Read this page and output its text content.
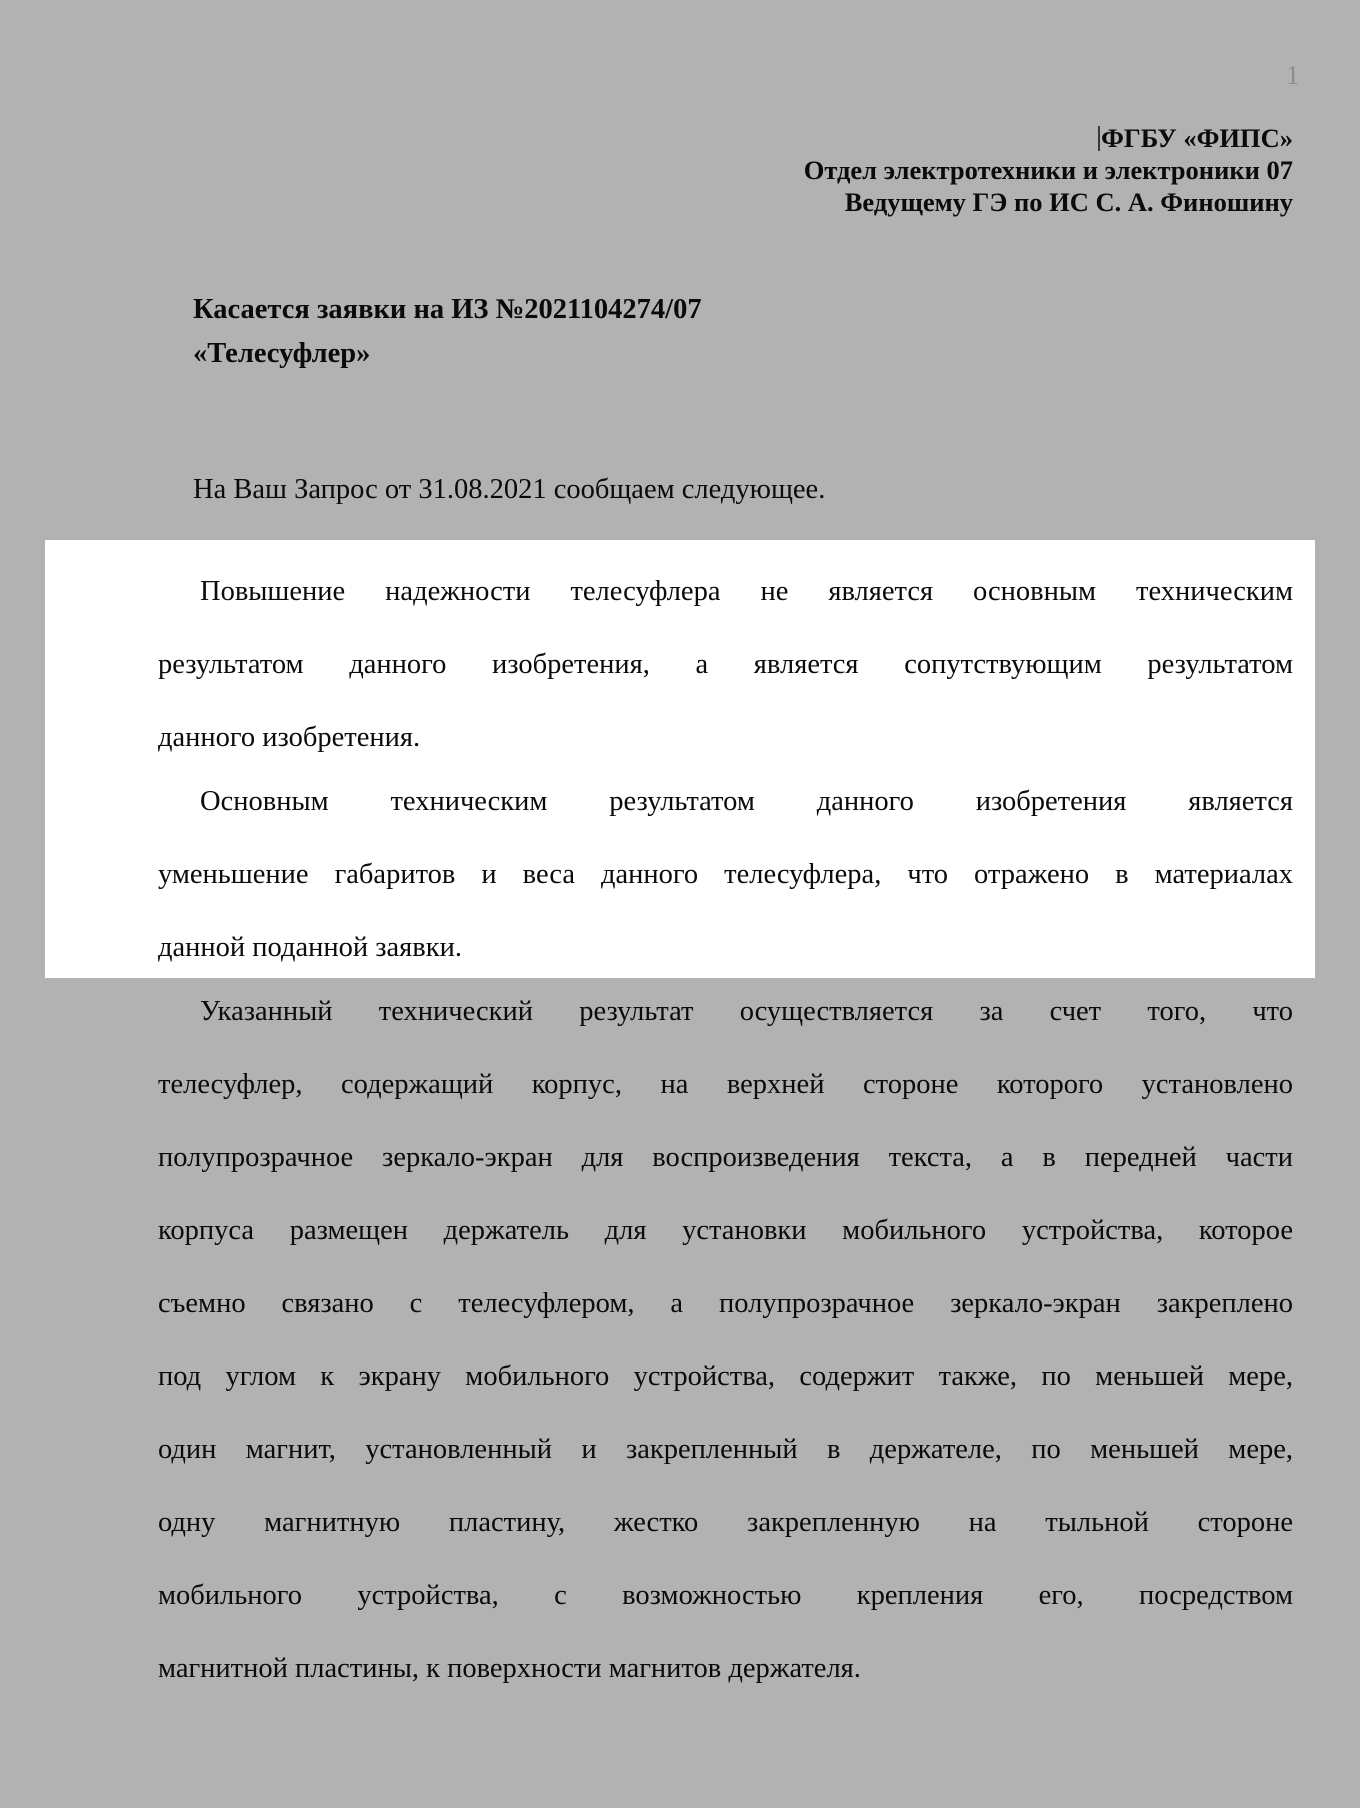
1
ФГБУ «ФИПС»
Отдел электротехники и электроники 07
Ведущему ГЭ по ИС С. А. Финошину
Касается заявки на ИЗ №2021104274/07
«Телесуфлер»
На Ваш Запрос от 31.08.2021 сообщаем следующее.
Повышение надежности телесуфлера не является основным техническим
результатом данного изобретения, а является сопутствующим результатом
данного изобретения.
Основным техническим результатом данного изобретения является
уменьшение габаритов и веса данного телесуфлера, что отражено в материалах
данной поданной заявки.
Указанный технический результат осуществляется за счет того, что
телесуфлер, содержащий корпус, на верхней стороне которого установлено
полупрозрачное зеркало-экран для воспроизведения текста, а в передней части
корпуса размещен держатель для установки мобильного устройства, которое
съемно связано с телесуфлером, а полупрозрачное зеркало-экран закреплено
под углом к экрану мобильного устройства, содержит также, по меньшей мере,
один магнит, установленный и закрепленный в держателе, по меньшей мере,
одну магнитную пластину, жестко закрепленную на тыльной стороне
мобильного устройства, с возможностью крепления его, посредством
магнитной пластины, к поверхности магнитов держателя.
